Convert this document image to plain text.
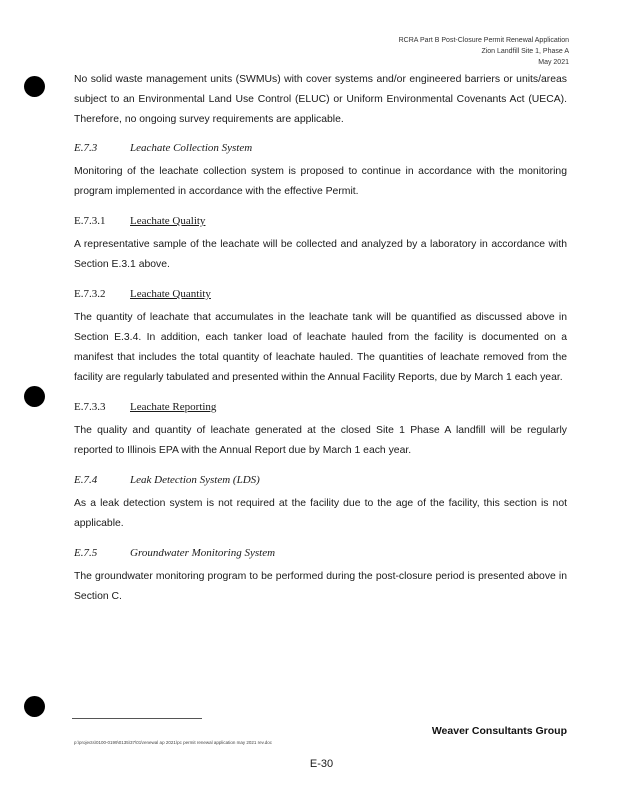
RCRA Part B Post-Closure Permit Renewal Application
Zion Landfill Site 1, Phase A
May 2021

No solid waste management units (SWMUs) with cover systems and/or engineered barriers or units/areas subject to an Environmental Land Use Control (ELUC) or Uniform Environmental Covenants Act (UECA). Therefore, no ongoing survey requirements are applicable.

E.7.3	Leachate Collection System

Monitoring of the leachate collection system is proposed to continue in accordance with the monitoring program implemented in accordance with the effective Permit.

E.7.3.1	Leachate Quality

A representative sample of the leachate will be collected and analyzed by a laboratory in accordance with Section E.3.1 above.

E.7.3.2	Leachate Quantity

The quantity of leachate that accumulates in the leachate tank will be quantified as discussed above in Section E.3.4. In addition, each tanker load of leachate hauled from the facility is documented on a manifest that includes the total quantity of leachate hauled. The quantities of leachate removed from the facility are regularly tabulated and presented within the Annual Facility Reports, due by March 1 each year.

E.7.3.3	Leachate Reporting

The quality and quantity of leachate generated at the closed Site 1 Phase A landfill will be regularly reported to Illinois EPA with the Annual Report due by March 1 each year.

E.7.4	Leak Detection System (LDS)

As a leak detection system is not required at the facility due to the age of the facility, this section is not applicable.

E.7.5	Groundwater Monitoring System

The groundwater monitoring program to be performed during the post-closure period is presented above in Section C.

p:\projects\0100-0199\0135\37\01\renewal ap 2021\pc permit renewal application may 2021 rev.doc
Weaver Consultants Group
E-30
